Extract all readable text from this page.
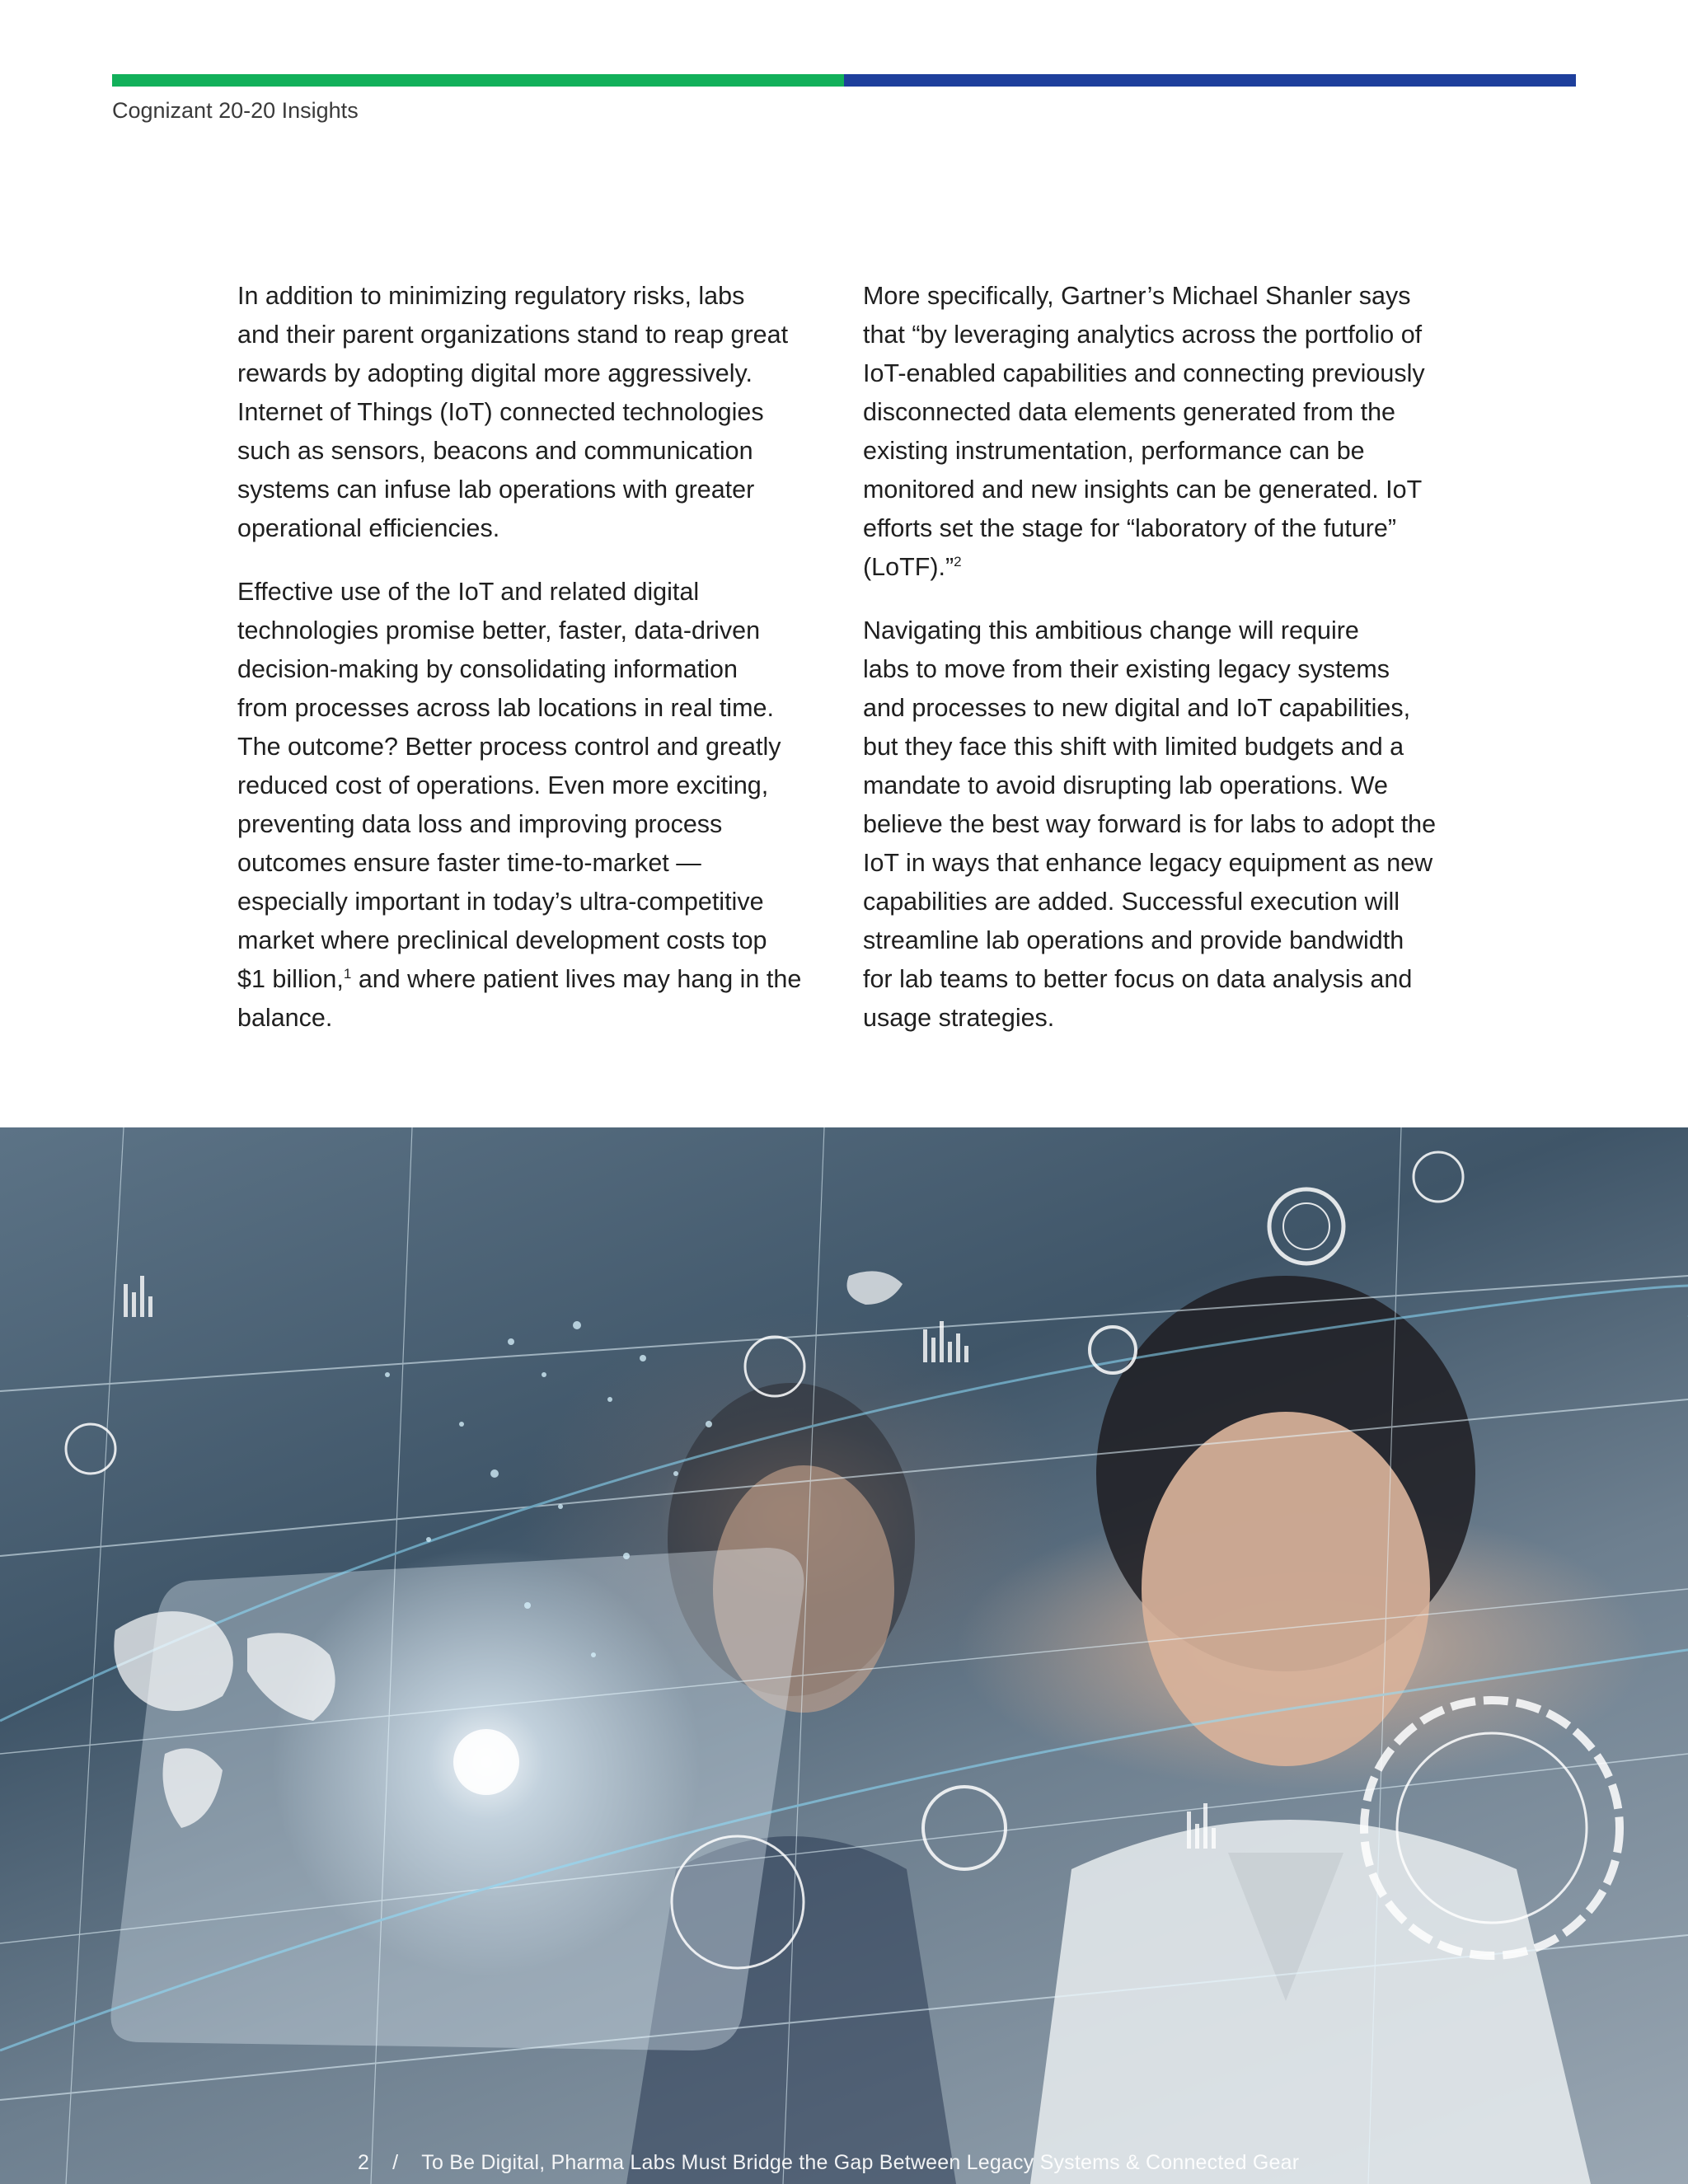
Cognizant 20-20 Insights

In addition to minimizing regulatory risks, labs
and their parent organizations stand to reap great
rewards by adopting digital more aggressively.
Internet of Things (IoT) connected technologies
such as sensors, beacons and communication
systems can infuse lab operations with greater
operational efficiencies.

Effective use of the IoT and related digital
technologies promise better, faster, data-driven
decision-making by consolidating information
from processes across lab locations in real time.
The outcome? Better process control and greatly
reduced cost of operations. Even more exciting,
preventing data loss and improving process
outcomes ensure faster time-to-market —
especially important in today’s ultra-competitive
market where preclinical development costs top
$1 billion,$^1$ and where patient lives may hang in the
balance.

More specifically, Gartner’s Michael Shanler says
that “by leveraging analytics across the portfolio of
IoT-enabled capabilities and connecting previously
disconnected data elements generated from the
existing instrumentation, performance can be
monitored and new insights can be generated. IoT
efforts set the stage for “laboratory of the future”
(LoTF).”$^2$

Navigating this ambitious change will require
labs to move from their existing legacy systems
and processes to new digital and IoT capabilities,
but they face this shift with limited budgets and a
mandate to avoid disrupting lab operations. We
believe the best way forward is for labs to adopt the
IoT in ways that enhance legacy equipment as new
capabilities are added. Successful execution will
streamline lab operations and provide bandwidth
for lab teams to better focus on data analysis and
usage strategies.

2 / To Be Digital, Pharma Labs Must Bridge the Gap Between Legacy Systems & Connected Gear
